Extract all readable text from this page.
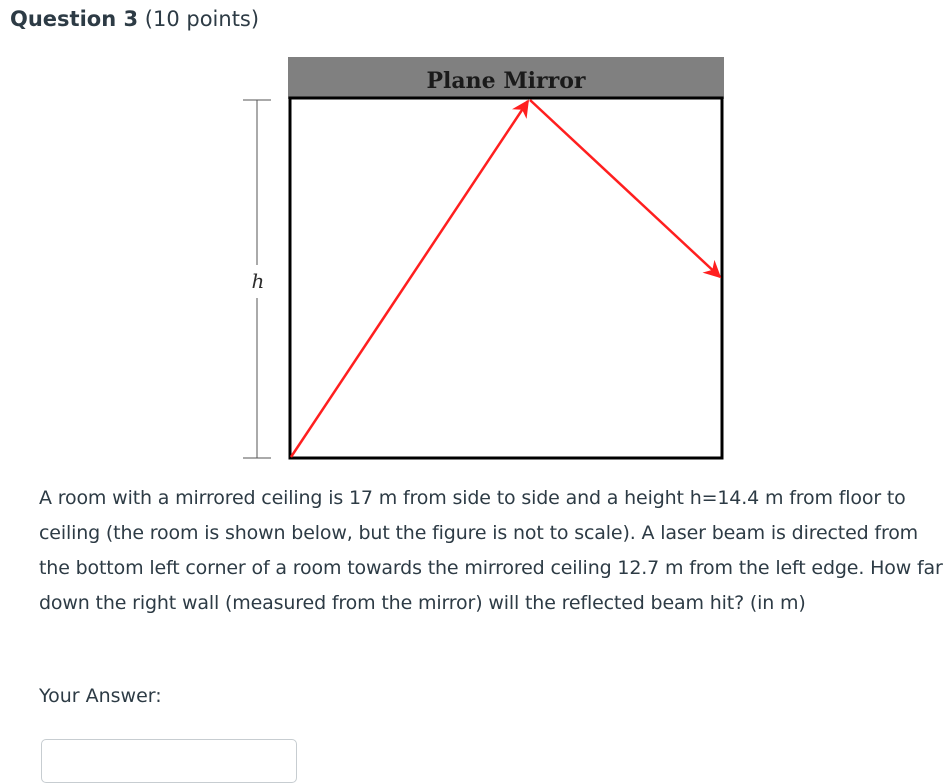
Question 3 (10 points)
Plane Mirror
h
A room with a mirrored ceiling is 17 m from side to side and a height h=14.4 m from floor to ceiling (the room is shown below, but the figure is not to scale). A laser beam is directed from the bottom left corner of a room towards the mirrored ceiling 12.7 m from the left edge. How far down the right wall (measured from the mirror) will the reflected beam hit? (in m)
Your Answer:
